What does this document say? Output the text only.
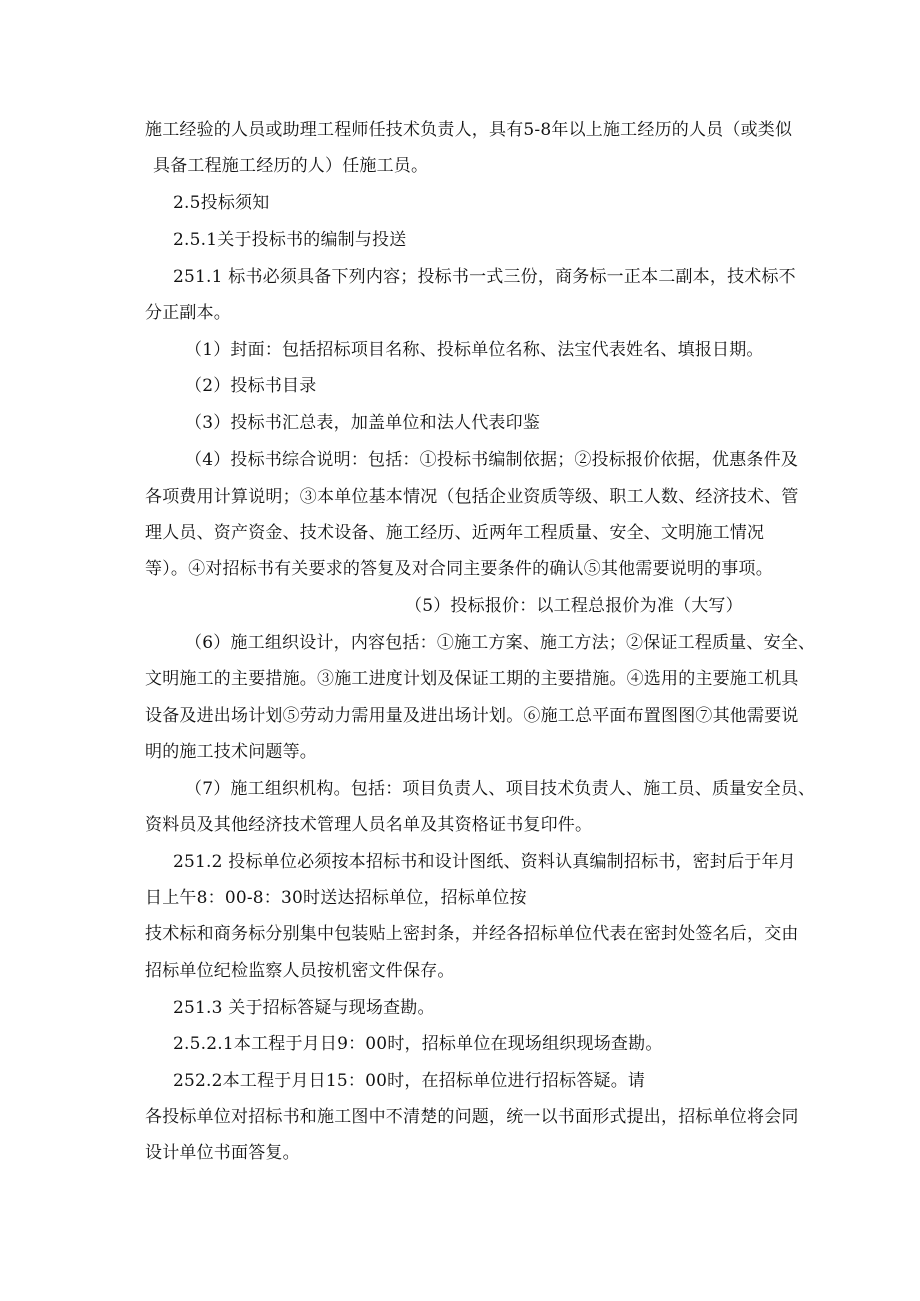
施工经验的人员或助理工程师任技术负责人，具有5-8年以上施工经历的人员（或类似
具备工程施工经历的人）任施工员。
2.5投标须知
2.5.1关于投标书的编制与投送
251.1 标书必须具备下列内容；投标书一式三份，商务标一正本二副本，技术标不
分正副本。
（1）封面：包括招标项目名称、投标单位名称、法宝代表姓名、填报日期。
（2）投标书目录
（3）投标书汇总表，加盖单位和法人代表印鉴
（4）投标书综合说明：包括：①投标书编制依据；②投标报价依据，优惠条件及
各项费用计算说明；③本单位基本情况（包括企业资质等级、职工人数、经济技术、管
理人员、资产资金、技术设备、施工经历、近两年工程质量、安全、文明施工情况
等）。④对招标书有关要求的答复及对合同主要条件的确认⑤其他需要说明的事项。
（5）投标报价：以工程总报价为准（大写）
（6）施工组织设计，内容包括：①施工方案、施工方法；②保证工程质量、安全、
文明施工的主要措施。③施工进度计划及保证工期的主要措施。④选用的主要施工机具
设备及进出场计划⑤劳动力需用量及进出场计划。⑥施工总平面布置图图⑦其他需要说
明的施工技术问题等。
（7）施工组织机构。包括：项目负责人、项目技术负责人、施工员、质量安全员、
资料员及其他经济技术管理人员名单及其资格证书复印件。
251.2 投标单位必须按本招标书和设计图纸、资料认真编制招标书，密封后于年月
日上午8：00-8：30时送达招标单位，招标单位按
技术标和商务标分别集中包装贴上密封条，并经各招标单位代表在密封处签名后，交由
招标单位纪检监察人员按机密文件保存。
251.3 关于招标答疑与现场查勘。
2.5.2.1本工程于月日9：00时，招标单位在现场组织现场查勘。
252.2本工程于月日15：00时，在招标单位进行招标答疑。请
各投标单位对招标书和施工图中不清楚的问题，统一以书面形式提出，招标单位将会同
设计单位书面答复。
